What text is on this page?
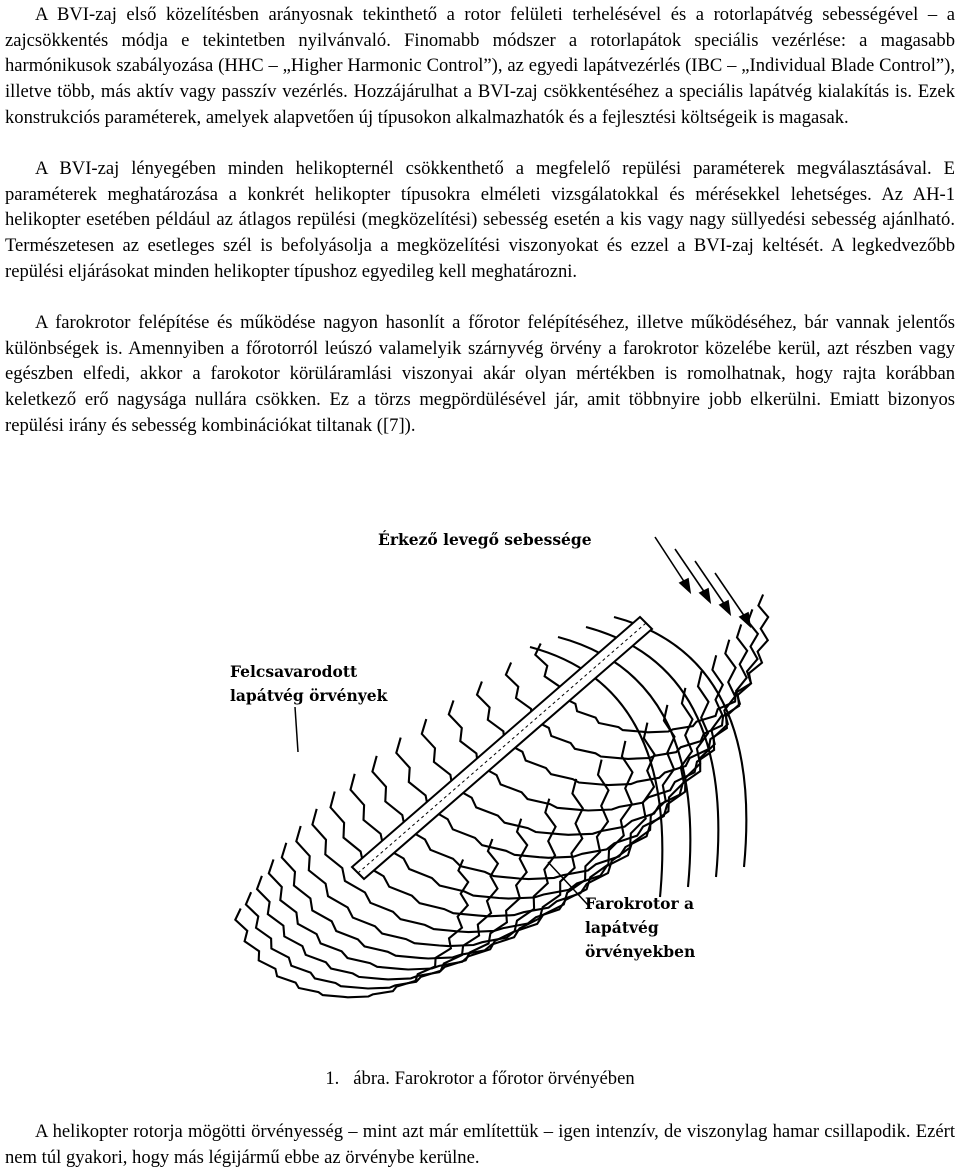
A BVI-zaj első közelítésben arányosnak tekinthető a rotor felületi terhelésével és a rotorlapátvég sebességével – a zajcsökkentés módja e tekintetben nyilvánvaló. Finomabb módszer a rotorlapátok speciális vezérlése: a magasabb harmónikusok szabályozása (HHC – „Higher Harmonic Control”), az egyedi lapátvezérlés (IBC – „Individual Blade Control”), illetve több, más aktív vagy passzív vezérlés. Hozzájárulhat a BVI-zaj csökkentéséhez a speciális lapátvég kialakítás is. Ezek konstrukciós paraméterek, amelyek alapvetően új típusokon alkalmazhatók és a fejlesztési költségeik is magasak.

A BVI-zaj lényegében minden helikopternél csökkenthető a megfelelő repülési paraméterek megválasztásával. E paraméterek meghatározása a konkrét helikopter típusokra elméleti vizsgálatokkal és mérésekkel lehetséges. Az AH-1 helikopter esetében például az átlagos repülési (megközelítési) sebesség esetén a kis vagy nagy süllyedési sebesség ajánlható. Természetesen az esetleges szél is befolyásolja a megközelítési viszonyokat és ezzel a BVI-zaj keltését. A legkedvezőbb repülési eljárásokat minden helikopter típushoz egyedileg kell meghatározni.

A farokrotor felépítése és működése nagyon hasonlít a főrotor felépítéséhez, illetve működéséhez, bár vannak jelentős különbségek is. Amennyiben a főrotorról leúszó valamelyik szárnyvég örvény a farokrotor közelébe kerül, azt részben vagy egészben elfedi, akkor a farokotor körüláramlási viszonyai akár olyan mértékben is romolhatnak, hogy rajta korábban keletkező erő nagysága nullára csökken. Ez a törzs megpördülésével jár, amit többnyire jobb elkerülni. Emiatt bizonyos repülési irány és sebesség kombinációkat tiltanak ([7]).

Érkező levegő sebessége
Felcsavarodott
lapátvég örvények
Farokrotor a
lapátvég
örvényekben
1. ábra. Farokrotor a főrotor örvényében

A helikopter rotorja mögötti örvényesség – mint azt már említettük – igen intenzív, de viszonylag hamar csillapodik. Ezért nem túl gyakori, hogy más légijármű ebbe az örvénybe kerülne.
